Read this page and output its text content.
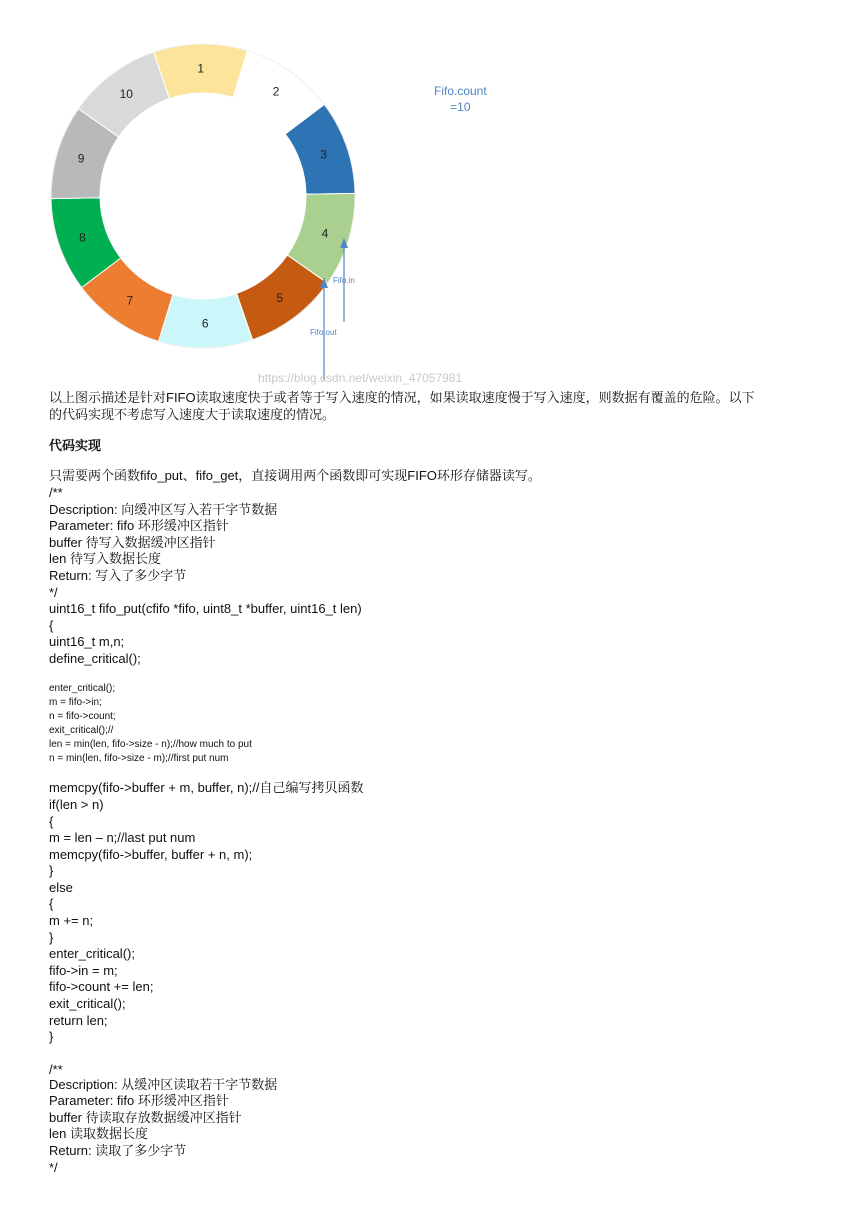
1
2
3
4
5
6
7
8
9
10
Fifo.in
Fifo.out
Fifo.count
=10
https://blog.csdn.net/weixin_47057981
以上图示描述是针对FIFO读取速度快于或者等于写入速度的情况，如果读取速度慢于写入速度，则数据有覆盖的危险。以下
的代码实现不考虑写入速度大于读取速度的情况。
代码实现
只需要两个函数fifo_put、fifo_get，直接调用两个函数即可实现FIFO环形存储器读写。
/**
Description: 向缓冲区写入若干字节数据
Parameter: fifo 环形缓冲区指针
buffer 待写入数据缓冲区指针
len 待写入数据长度
Return: 写入了多少字节
*/
uint16_t fifo_put(cfifo *fifo, uint8_t *buffer, uint16_t len)
{
uint16_t m,n;
define_critical();
enter_critical();
m = fifo->in;
n = fifo->count;
exit_critical();//
len = min(len, fifo->size - n);//how much to put
n = min(len, fifo->size - m);//first put num
memcpy(fifo->buffer + m, buffer, n);//自己编写拷贝函数
if(len > n)
{
m = len – n;//last put num
memcpy(fifo->buffer, buffer + n, m);
}
else
{
m += n;
}
enter_critical();
fifo->in = m;
fifo->count += len;
exit_critical();
return len;
}
/**
Description: 从缓冲区读取若干字节数据
Parameter: fifo 环形缓冲区指针
buffer 待读取存放数据缓冲区指针
len 读取数据长度
Return: 读取了多少字节
*/
